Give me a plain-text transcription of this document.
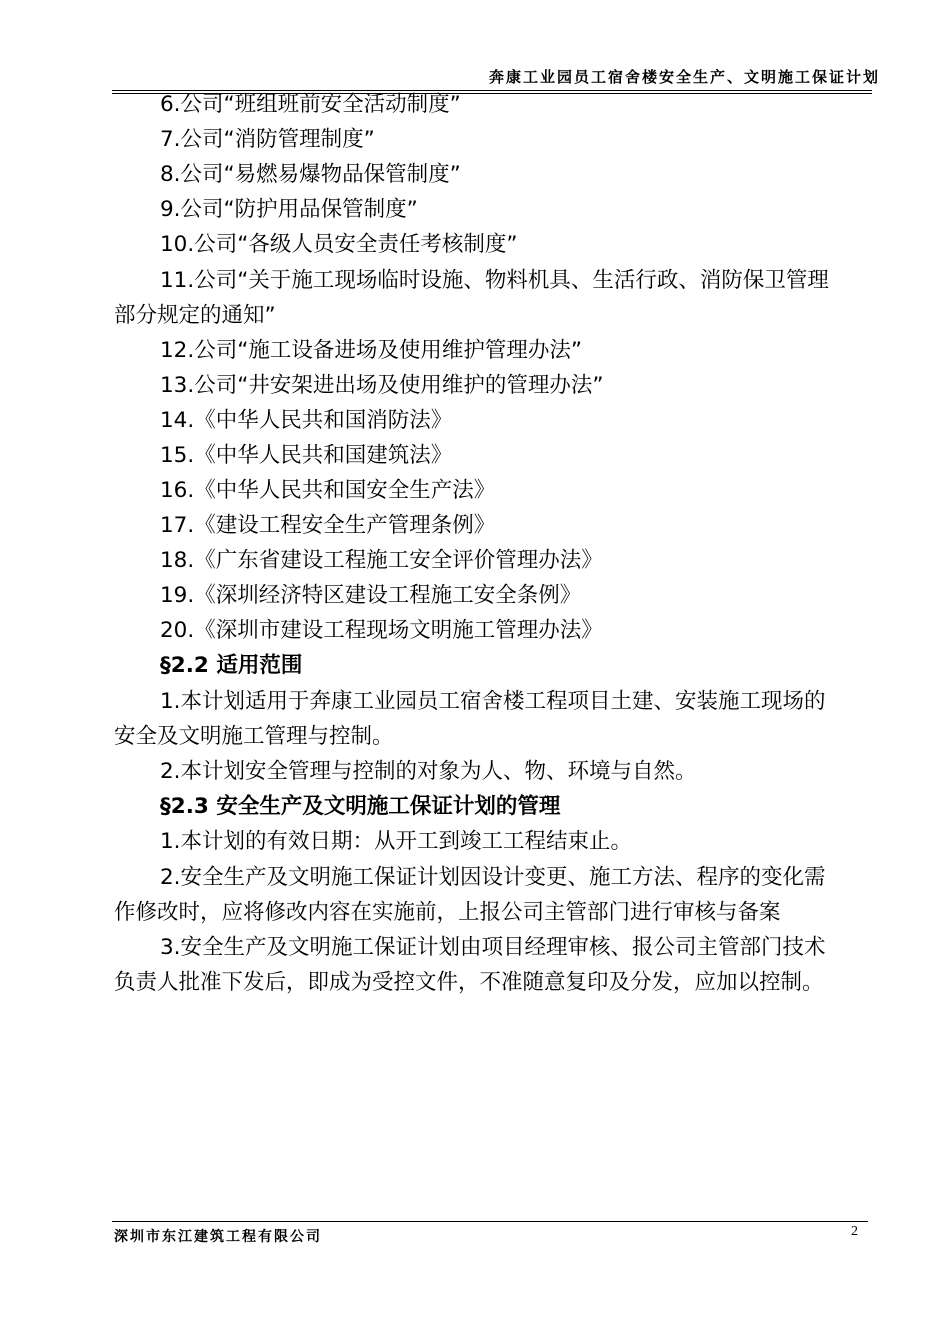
奔康工业园员工宿舍楼安全生产、文明施工保证计划
6.公司“班组班前安全活动制度”
7.公司“消防管理制度”
8.公司“易燃易爆物品保管制度”
9.公司“防护用品保管制度”
10.公司“各级人员安全责任考核制度”
11.公司“关于施工现场临时设施、物料机具、生活行政、消防保卫管理
部分规定的通知”
12.公司“施工设备进场及使用维护管理办法”
13.公司“井安架进出场及使用维护的管理办法”
14.《中华人民共和国消防法》
15.《中华人民共和国建筑法》
16.《中华人民共和国安全生产法》
17.《建设工程安全生产管理条例》
18.《广东省建设工程施工安全评价管理办法》
19.《深圳经济特区建设工程施工安全条例》
20.《深圳市建设工程现场文明施工管理办法》
§2.2 适用范围
1.本计划适用于奔康工业园员工宿舍楼工程项目土建、安装施工现场的
安全及文明施工管理与控制。
2.本计划安全管理与控制的对象为人、物、环境与自然。
§2.3 安全生产及文明施工保证计划的管理
1.本计划的有效日期：从开工到竣工工程结束止。
2.安全生产及文明施工保证计划因设计变更、施工方法、程序的变化需
作修改时，应将修改内容在实施前，上报公司主管部门进行审核与备案
3.安全生产及文明施工保证计划由项目经理审核、报公司主管部门技术
负责人批准下发后，即成为受控文件，不准随意复印及分发，应加以控制。
深圳市东江建筑工程有限公司	2
